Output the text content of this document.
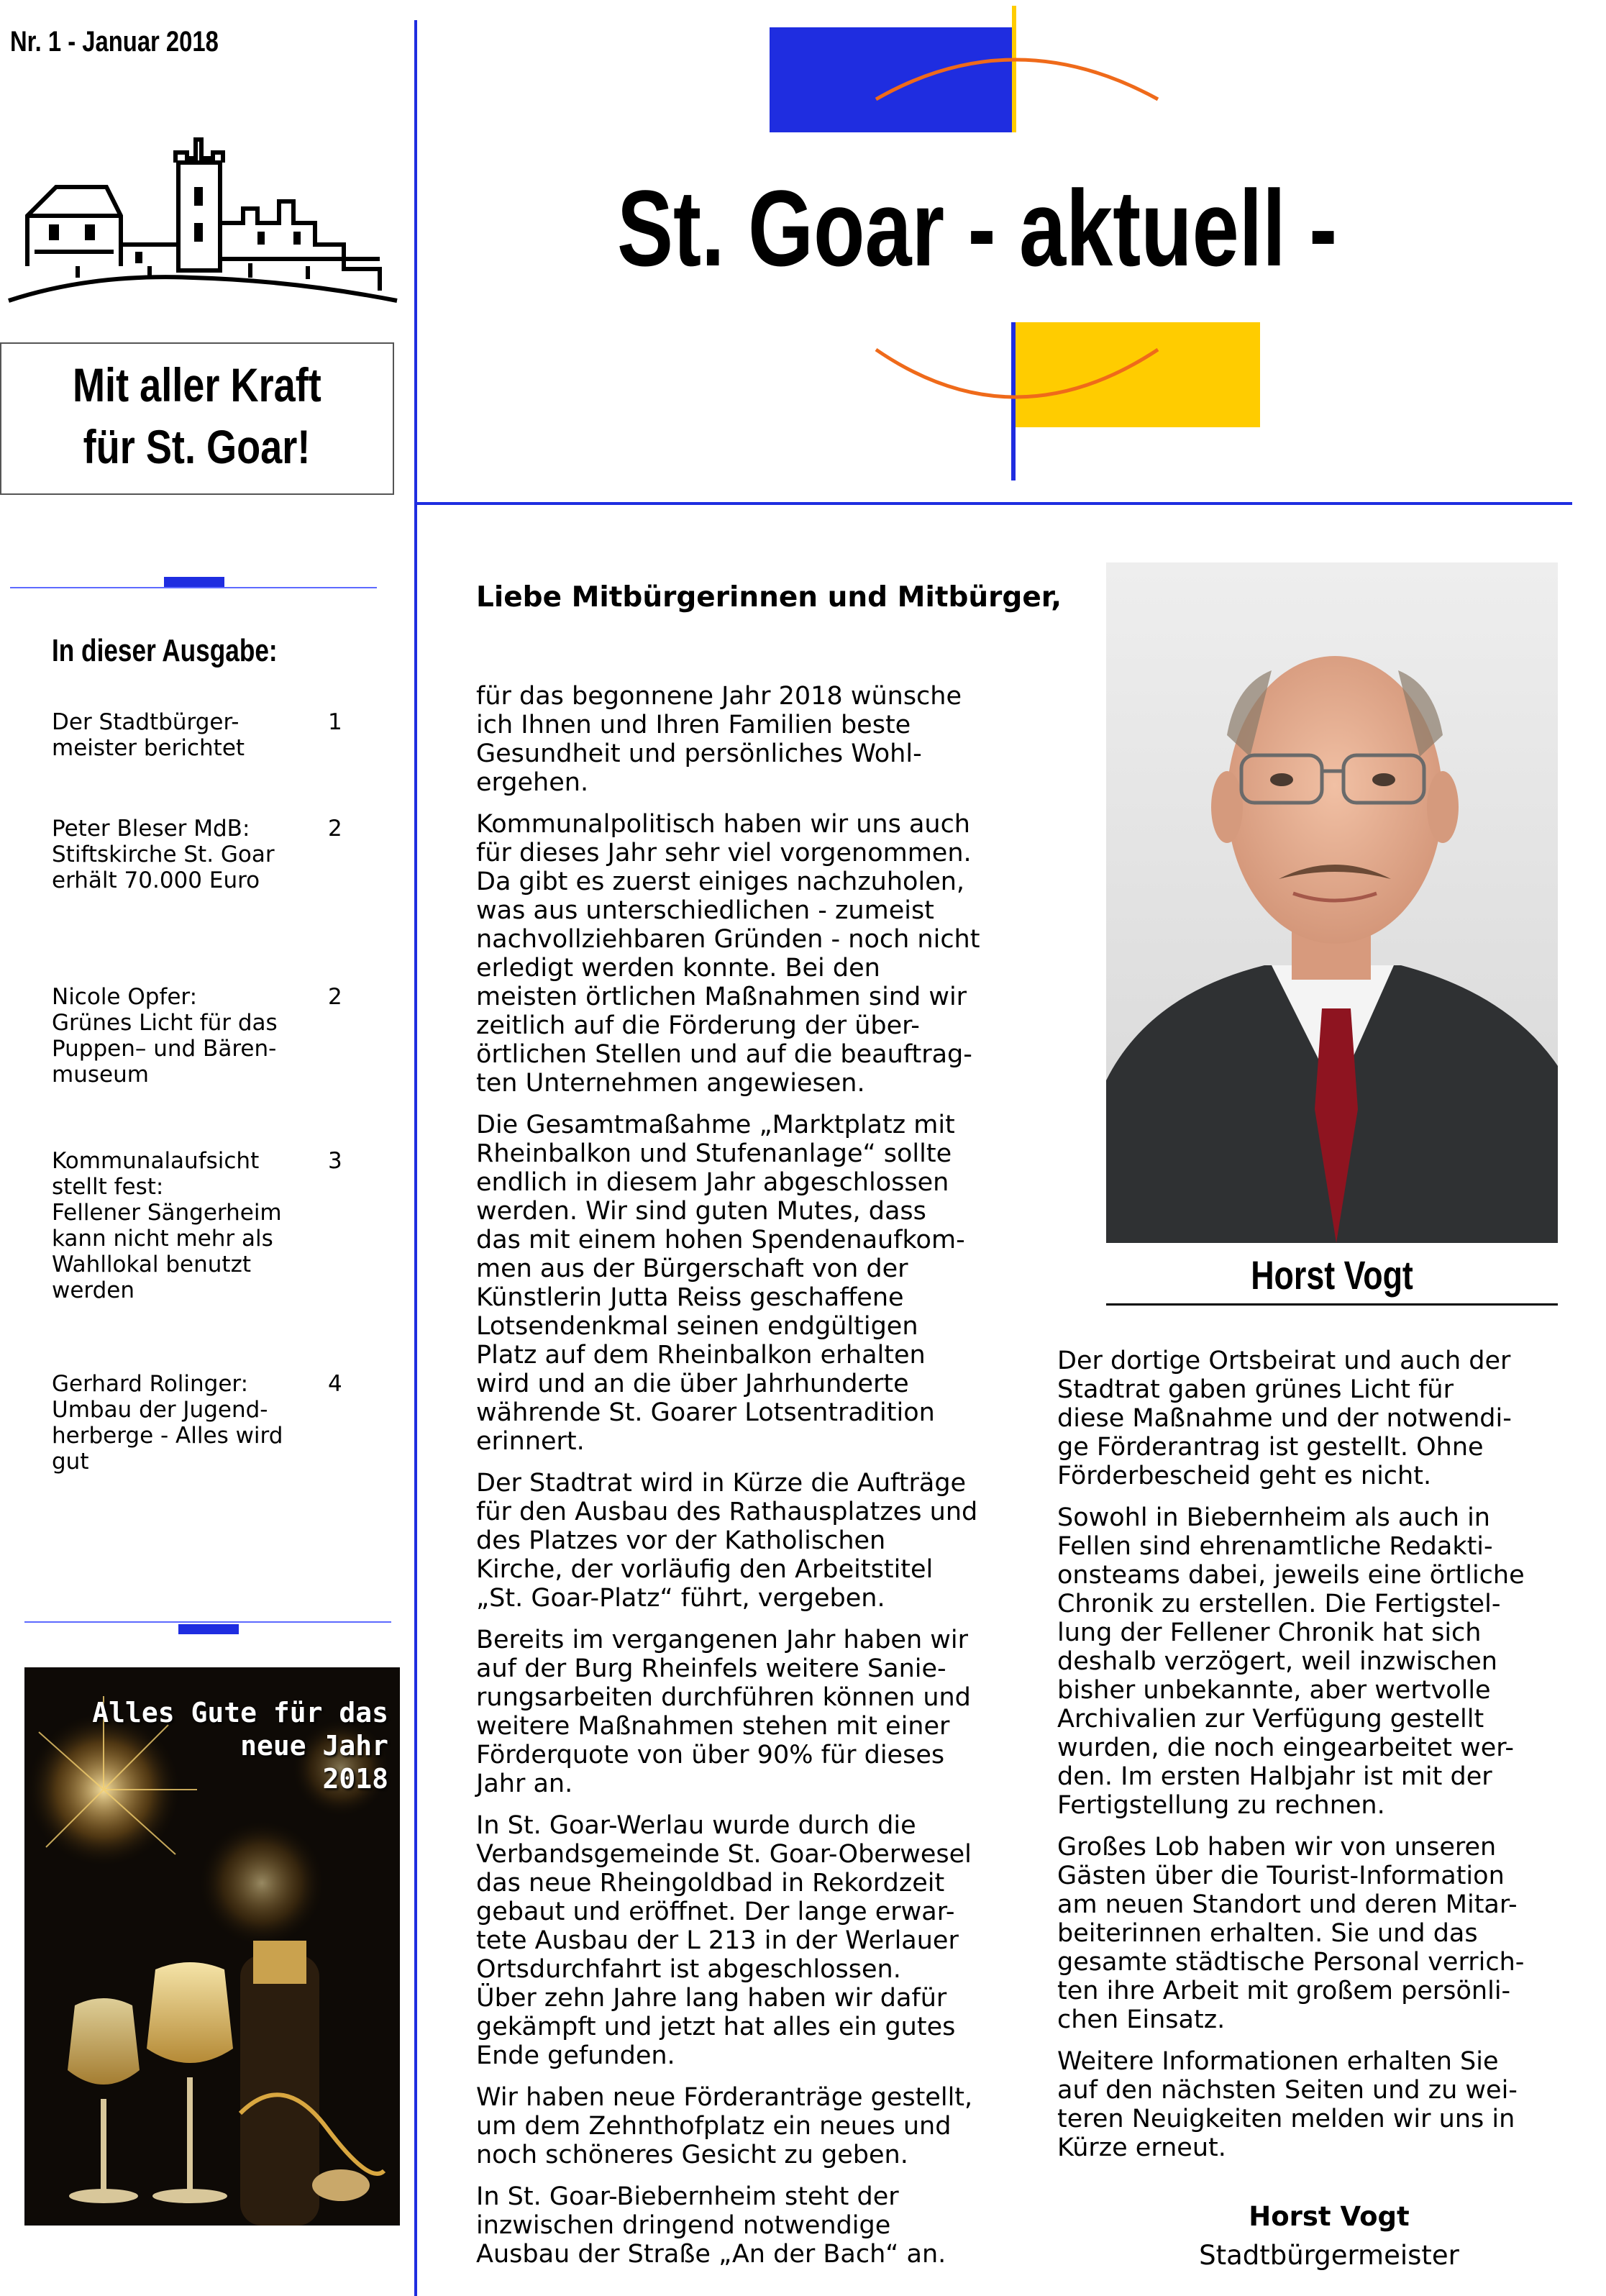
Nr. 1 - Januar 2018
Mit aller Kraft
für St. Goar!
St. Goar - aktuell -
In dieser Ausgabe:
Der Stadtbürger-
meister berichtet
1
Peter Bleser MdB:
Stiftskirche St. Goar
erhält 70.000 Euro
2
Nicole Opfer:
Grünes Licht für das
Puppen– und Bären-
museum
2
Kommunalaufsicht
stellt fest:
Fellener Sängerheim
kann nicht mehr als
Wahllokal benutzt
werden
3
Gerhard Rolinger:
Umbau der Jugend-
herberge - Alles wird
gut
4
Alles Gute für das
neue Jahr
2018
Liebe Mitbürgerinnen und Mitbürger,

für das begonnene Jahr 2018 wünsche
ich Ihnen und Ihren Familien beste
Gesundheit und persönliches Wohl-
ergehen.

Kommunalpolitisch haben wir uns auch
für dieses Jahr sehr viel vorgenommen.
Da gibt es zuerst einiges nachzuholen,
was aus unterschiedlichen - zumeist
nachvollziehbaren Gründen - noch nicht
erledigt werden konnte. Bei den
meisten örtlichen Maßnahmen sind wir
zeitlich auf die Förderung der über-
örtlichen Stellen und auf die beauftrag-
ten Unternehmen angewiesen.

Die Gesamtmaßahme „Marktplatz mit
Rheinbalkon und Stufenanlage“ sollte
endlich in diesem Jahr abgeschlossen
werden. Wir sind guten Mutes, dass
das mit einem hohen Spendenaufkom-
men aus der Bürgerschaft von der
Künstlerin Jutta Reiss geschaffene
Lotsendenkmal seinen endgültigen
Platz auf dem Rheinbalkon erhalten
wird und an die über Jahrhunderte
währende St. Goarer Lotsentradition
erinnert.

Der Stadtrat wird in Kürze die Aufträge
für den Ausbau des Rathausplatzes und
des Platzes vor der Katholischen
Kirche, der vorläufig den Arbeitstitel
„St. Goar-Platz“ führt, vergeben.

Bereits im vergangenen Jahr haben wir
auf der Burg Rheinfels weitere Sanie-
rungsarbeiten durchführen können und
weitere Maßnahmen stehen mit einer
Förderquote von über 90% für dieses
Jahr an.

In St. Goar-Werlau wurde durch die
Verbandsgemeinde St. Goar-Oberwesel
das neue Rheingoldbad in Rekordzeit
gebaut und eröffnet. Der lange erwar-
tete Ausbau der L 213 in der Werlauer
Ortsdurchfahrt ist abgeschlossen.
Über zehn Jahre lang haben wir dafür
gekämpft und jetzt hat alles ein gutes
Ende gefunden.

Wir haben neue Förderanträge gestellt,
um dem Zehnthofplatz ein neues und
noch schöneres Gesicht zu geben.

In St. Goar-Biebernheim steht der
inzwischen dringend notwendige
Ausbau der Straße „An der Bach“ an.

Horst Vogt

Der dortige Ortsbeirat und auch der
Stadtrat gaben grünes Licht für
diese Maßnahme und der notwendi-
ge Förderantrag ist gestellt. Ohne
Förderbescheid geht es nicht.

Sowohl in Biebernheim als auch in
Fellen sind ehrenamtliche Redakti-
onsteams dabei, jeweils eine örtliche
Chronik zu erstellen. Die Fertigstel-
lung der Fellener Chronik hat sich
deshalb verzögert, weil inzwischen
bisher unbekannte, aber wertvolle
Archivalien zur Verfügung gestellt
wurden, die noch eingearbeitet wer-
den. Im ersten Halbjahr ist mit der
Fertigstellung zu rechnen.

Großes Lob haben wir von unseren
Gästen über die Tourist-Information
am neuen Standort und deren Mitar-
beiterinnen erhalten. Sie und das
gesamte städtische Personal verrich-
ten ihre Arbeit mit großem persönli-
chen Einsatz.

Weitere Informationen erhalten Sie
auf den nächsten Seiten und zu wei-
teren Neuigkeiten melden wir uns in
Kürze erneut.

Horst Vogt
Stadtbürgermeister
